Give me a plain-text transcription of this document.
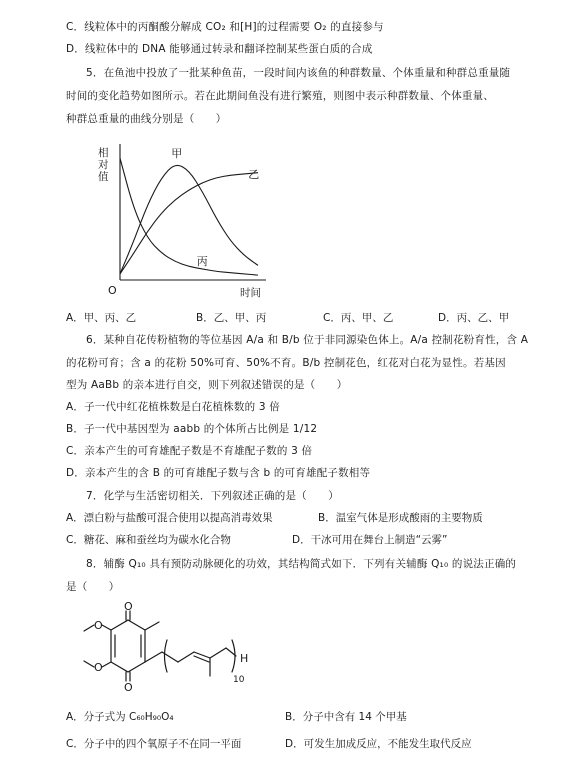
C．线粒体中的丙酮酸分解成 CO₂ 和[H]的过程需要 O₂ 的直接参与
D．线粒体中的 DNA 能够通过转录和翻译控制某些蛋白质的合成
5．在鱼池中投放了一批某种鱼苗，一段时间内该鱼的种群数量、个体重量和种群总重量随
时间的变化趋势如图所示。若在此期间鱼没有进行繁殖，则图中表示种群数量、个体重量、
种群总重量的曲线分别是（　　）
甲
乙
丙
时间
O
相
对
值
A．甲、丙、乙	B．乙、甲、丙	C．丙、甲、乙	D．丙、乙、甲
6．某种自花传粉植物的等位基因 A/a 和 B/b 位于非同源染色体上。A/a 控制花粉育性，含 A
的花粉可育；含 a 的花粉 50%可育、50%不育。B/b 控制花色，红花对白花为显性。若基因
型为 AaBb 的亲本进行自交，则下列叙述错误的是（　　）
A．子一代中红花植株数是白花植株数的 3 倍
B．子一代中基因型为 aabb 的个体所占比例是 1/12
C．亲本产生的可育雄配子数是不育雄配子数的 3 倍
D．亲本产生的含 B 的可育雄配子数与含 b 的可育雄配子数相等
7．化学与生活密切相关．下列叙述正确的是（　　）
A．漂白粉与盐酸可混合使用以提高消毒效果	B．温室气体是形成酸雨的主要物质
C．糖花、麻和蚕丝均为碳水化合物	D．干冰可用在舞台上制造“云雾”
8．辅酶 Q₁₀ 具有预防动脉硬化的功效，其结构简式如下．下列有关辅酶 Q₁₀ 的说法正确的
是（　　）
O
O
O
O
H
10
A．分子式为 C₆₀H₉₀O₄	B．分子中含有 14 个甲基
C．分子中的四个氧原子不在同一平面	D．可发生加成反应，不能发生取代反应
